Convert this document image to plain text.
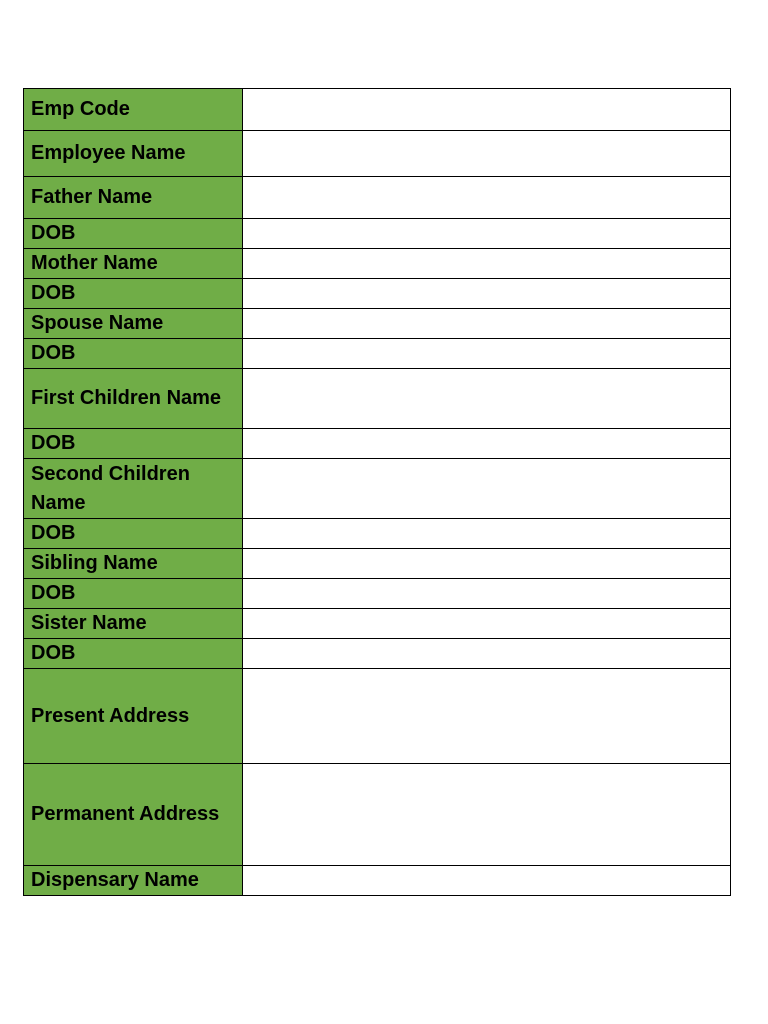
Emp Code	
Employee Name	
Father Name	
DOB	
Mother Name	
DOB	
Spouse Name	
DOB	
First Children Name	
DOB	
Second Children Name	
DOB	
Sibling Name	
DOB	
Sister Name	
DOB	
Present Address	
Permanent Address	
Dispensary Name	
